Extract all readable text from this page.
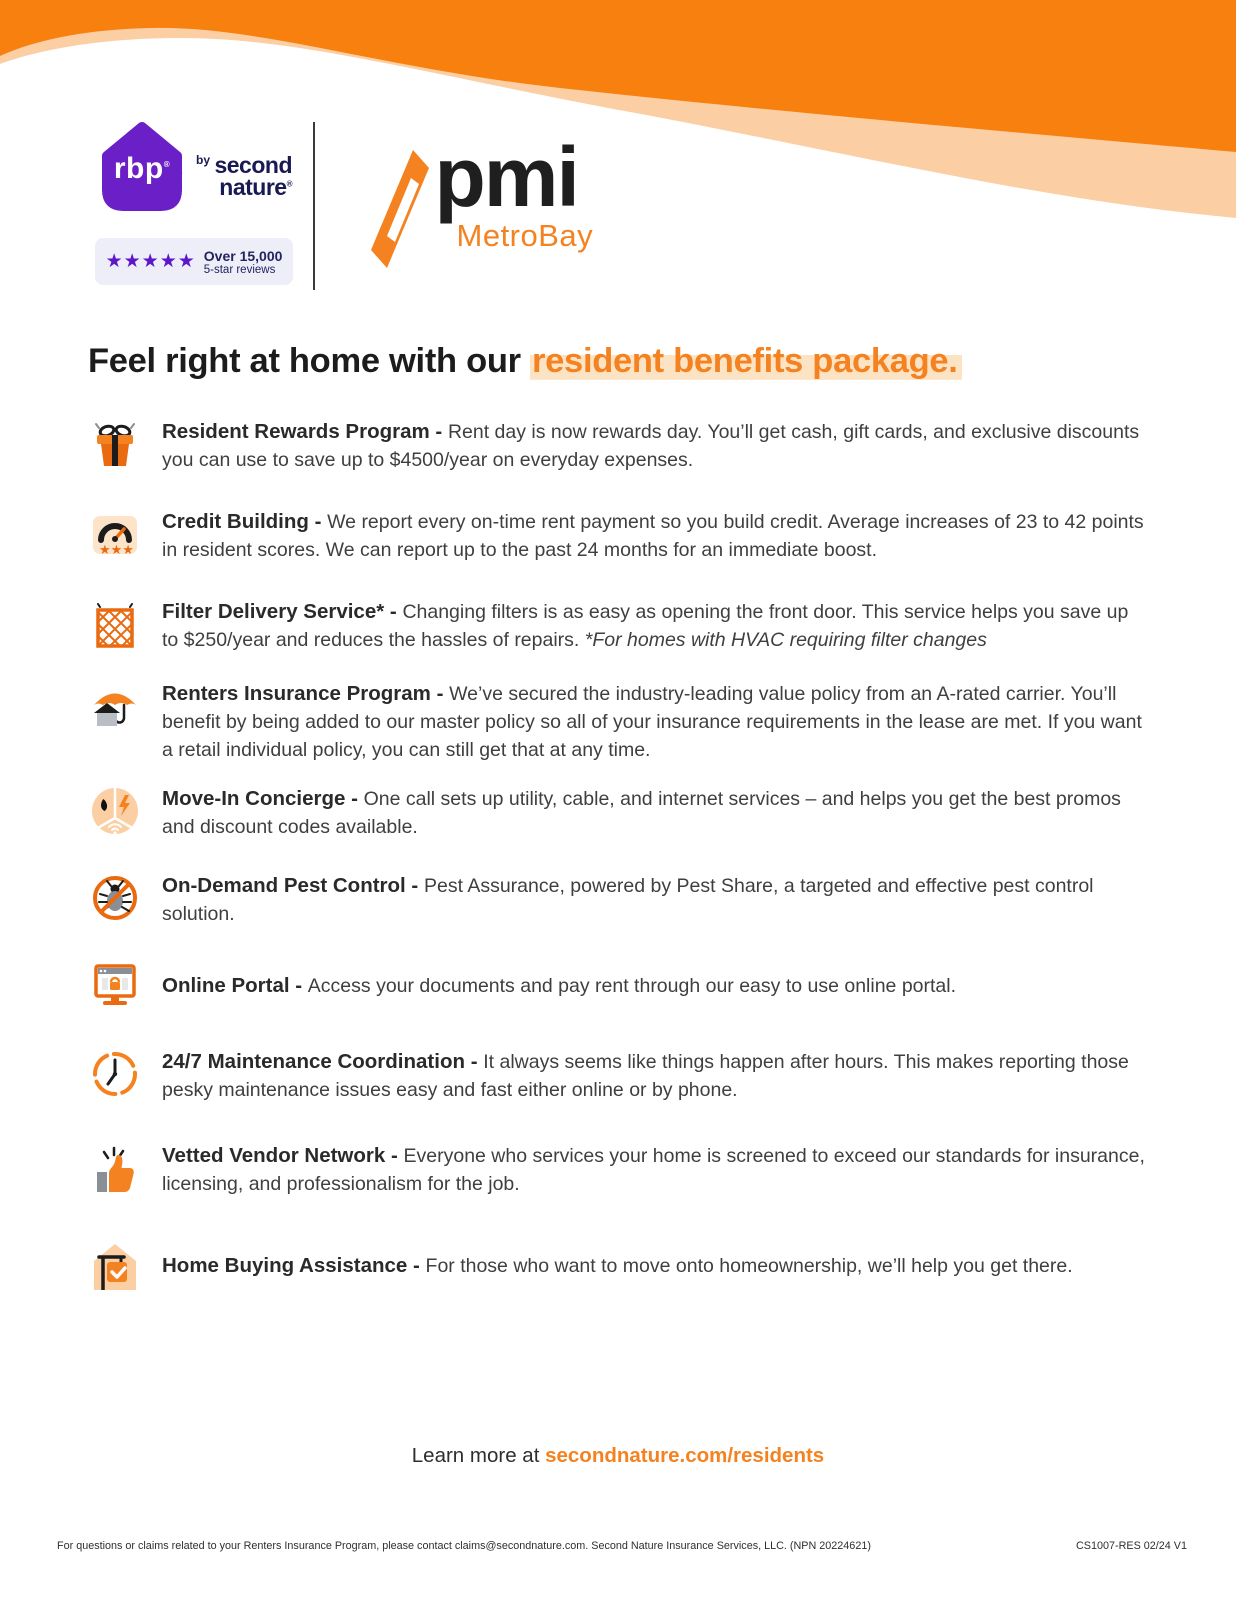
rbp®	$^{by}$ second
nature®
★★★★★ Over 15,000
5-star reviews
pmi
MetroBay
Feel right at home with our resident benefits package.
Resident Rewards Program - Rent day is now rewards day. You’ll get cash, gift cards, and exclusive discounts you can use to save up to $4500/year on everyday expenses.
★★★
Credit Building - We report every on-time rent payment so you build credit. Average increases of 23 to 42 points in resident scores. We can report up to the past 24 months for an immediate boost.
Filter Delivery Service* - Changing filters is as easy as opening the front door. This service helps you save up to $250/year and reduces the hassles of repairs. *For homes with HVAC requiring filter changes
Renters Insurance Program - We’ve secured the industry-leading value policy from an A-rated carrier. You’ll benefit by being added to our master policy so all of your insurance requirements in the lease are met. If you want a retail individual policy, you can still get that at any time.
Move-In Concierge - One call sets up utility, cable, and internet services – and helps you get the best promos and discount codes available.
On-Demand Pest Control - Pest Assurance, powered by Pest Share, a targeted and effective pest control solution.
Online Portal - Access your documents and pay rent through our easy to use online portal.
24/7 Maintenance Coordination - It always seems like things happen after hours. This makes reporting those pesky maintenance issues easy and fast either online or by phone.
Vetted Vendor Network - Everyone who services your home is screened to exceed our standards for insurance, licensing, and professionalism for the job.
Home Buying Assistance - For those who want to move onto homeownership, we’ll help you get there.
Learn more at secondnature.com/residents
For questions or claims related to your Renters Insurance Program, please contact claims@secondnature.com. Second Nature Insurance Services, LLC. (NPN 20224621)	CS1007-RES 02/24 V1
